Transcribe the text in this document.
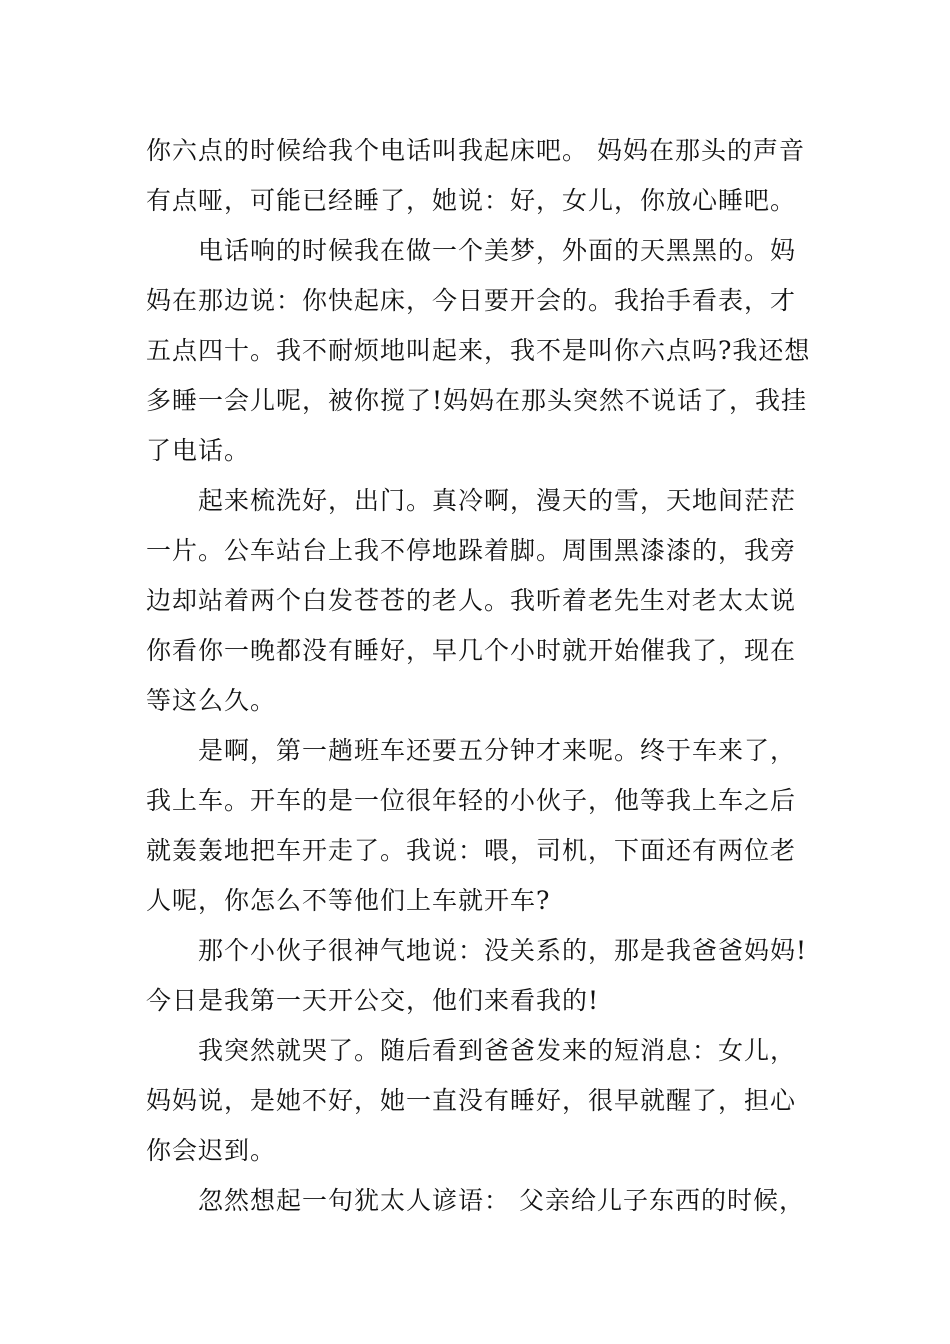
你六点的时候给我个电话叫我起床吧。 妈妈在那头的声音
有点哑，可能已经睡了，她说：好，女儿，你放心睡吧。
电话响的时候我在做一个美梦，外面的天黑黑的。妈
妈在那边说：你快起床，今日要开会的。我抬手看表，才
五点四十。我不耐烦地叫起来，我不是叫你六点吗?我还想
多睡一会儿呢，被你搅了!妈妈在那头突然不说话了，我挂
了电话。
起来梳洗好，出门。真冷啊，漫天的雪，天地间茫茫
一片。公车站台上我不停地跺着脚。周围黑漆漆的，我旁
边却站着两个白发苍苍的老人。我听着老先生对老太太说
你看你一晚都没有睡好，早几个小时就开始催我了，现在
等这么久。
是啊，第一趟班车还要五分钟才来呢。终于车来了，
我上车。开车的是一位很年轻的小伙子，他等我上车之后
就轰轰地把车开走了。我说：喂，司机，下面还有两位老
人呢，你怎么不等他们上车就开车?
那个小伙子很神气地说：没关系的，那是我爸爸妈妈!
今日是我第一天开公交，他们来看我的!
我突然就哭了。随后看到爸爸发来的短消息：女儿，
妈妈说，是她不好，她一直没有睡好，很早就醒了，担心
你会迟到。
忽然想起一句犹太人谚语： 父亲给儿子东西的时候，
